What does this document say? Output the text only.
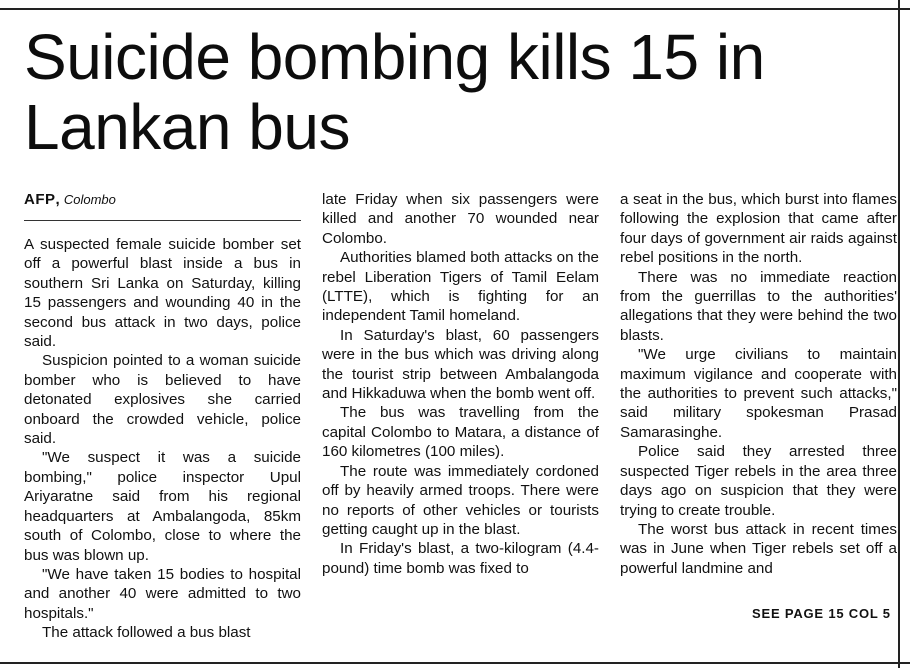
Suicide bombing kills 15 in Lankan bus
AFP, Colombo

A suspected female suicide bomber set off a powerful blast inside a bus in southern Sri Lanka on Saturday, killing 15 passengers and wounding 40 in the second bus attack in two days, police said.

Suspicion pointed to a woman suicide bomber who is believed to have detonated explosives she carried onboard the crowded vehicle, police said.

"We suspect it was a suicide bombing," police inspector Upul Ariyaratne said from his regional headquarters at Ambalangoda, 85km south of Colombo, close to where the bus was blown up.

"We have taken 15 bodies to hospital and another 40 were admitted to two hospitals."

The attack followed a bus blast

late Friday when six passengers were killed and another 70 wounded near Colombo.

Authorities blamed both attacks on the rebel Liberation Tigers of Tamil Eelam (LTTE), which is fighting for an independent Tamil homeland.

In Saturday's blast, 60 passengers were in the bus which was driving along the tourist strip between Ambalangoda and Hikkaduwa when the bomb went off.

The bus was travelling from the capital Colombo to Matara, a distance of 160 kilometres (100 miles).

The route was immediately cordoned off by heavily armed troops. There were no reports of other vehicles or tourists getting caught up in the blast.

In Friday's blast, a two-kilogram (4.4-pound) time bomb was fixed to

a seat in the bus, which burst into flames following the explosion that came after four days of government air raids against rebel positions in the north.

There was no immediate reaction from the guerrillas to the authorities' allegations that they were behind the two blasts.

"We urge civilians to maintain maximum vigilance and cooperate with the authorities to prevent such attacks," said military spokesman Prasad Samarasinghe.

Police said they arrested three suspected Tiger rebels in the area three days ago on suspicion that they were trying to create trouble.

The worst bus attack in recent times was in June when Tiger rebels set off a powerful landmine and

SEE PAGE 15 COL 5
